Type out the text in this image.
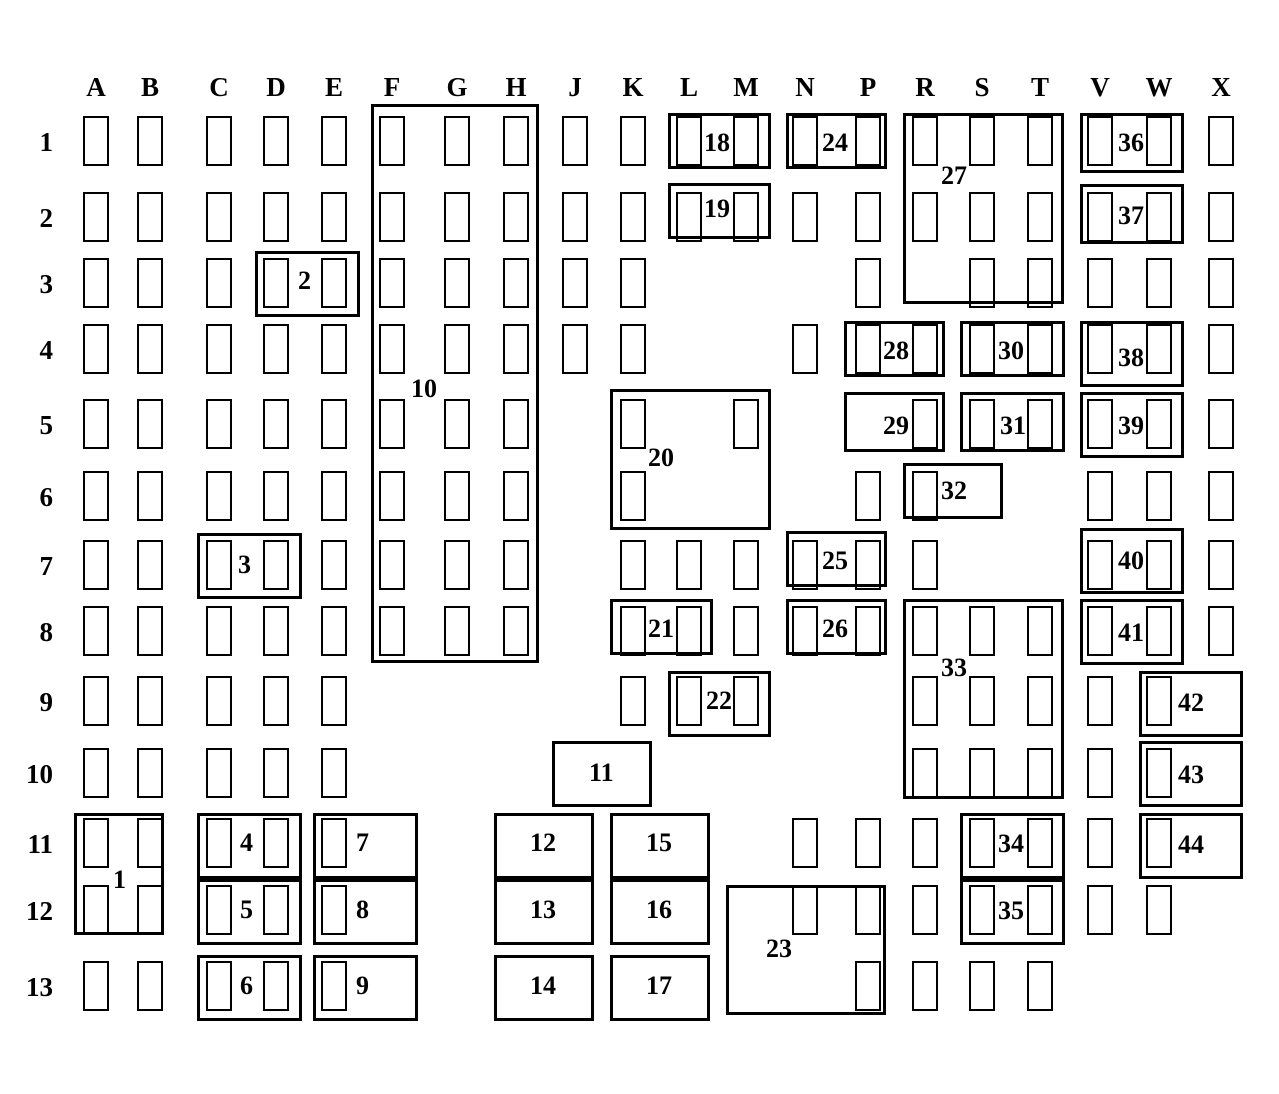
A	B	C	D	E	F	G	H	J	K	L	M	N	P	R	S	T	V	W	X
1
2
3
4
5
6
7
8
9
10
11
12
13
1
2
3
4
5
6
7
8
9
10
11
12
13
14
15
16
17
18
19
20
21
22
23
24
25
26
27
28
29
30
31
32
33
34
35
36
37
38
39
40
41
42
43
44
